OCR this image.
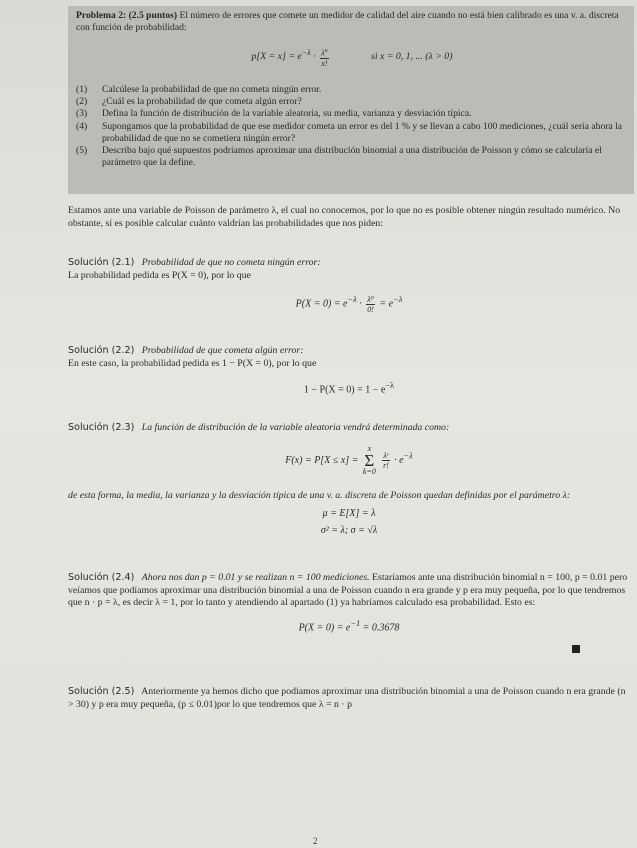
Problema 2: (2.5 puntos) El número de errores que comete un medidor de calidad del aire cuando no está bien calibrado es una v. a. discreta con función de probabilidad:

$p[X = x] = e^{-\lambda} \cdot \frac{\lambda^x}{x!}$	si x = 0, 1, ... (λ > 0)

(1) Calcúlese la probabilidad de que no cometa ningún error.
(2) ¿Cuál es la probabilidad de que cometa algún error?
(3) Defina la función de distribución de la variable aleatoria, su media, varianza y desviación típica.
(4) Supongamos que la probabilidad de que ese medidor cometa un error es del 1 % y se llevan a cabo 100 mediciones, ¿cuál sería ahora la probabilidad de que no se cometiera ningún error?
(5) Describa bajo qué supuestos podríamos aproximar una distribución binomial a una distribución de Poisson y cómo se calcularía el parámetro que la define.

Estamos ante una variable de Poisson de parámetro λ, el cual no conocemos, por lo que no es posible obtener ningún resultado numérico. No obstante, sí es posible calcular cuánto valdrían las probabilidades que nos piden:

Solución (2.1) Probabilidad de que no cometa ningún error:

La probabilidad pedida es P(X = 0), por lo que

$P(X = 0) = e^{-\lambda} \cdot \frac{\text{λ⁰}}{0!} = e^{-\lambda}$

Solución (2.2) Probabilidad de que cometa algún error:

En este caso, la probabilidad pedida es 1 − P(X = 0), por lo que

$1 - P(X = 0) = 1 - e^{-\lambda}$

Solución (2.3) La función de distribución de la variable aleatoria vendrá determinada como:

F(x) = P[X ≤ x] = x
Σ
k=0
$\frac{\text{λʳ}}{r!} \cdot e^{-\lambda}$

de esta forma, la media, la varianza y la desviación típica de una v. a. discreta de Poisson quedan definidas por el parámetro λ:

μ = E[X] = λ

σ² = λ; σ = √λ

Solución (2.4) Ahora nos dan p = 0.01 y se realizan n = 100 mediciones. Estaríamos ante una distribución binomial n = 100, p = 0.01 pero veíamos que podíamos aproximar una distribución binomial a una de Poisson cuando n era grande y p era muy pequeña, por lo que tendremos que n · p = λ, es decir λ = 1, por lo tanto y atendiendo al apartado (1) ya habríamos calculado esa probabilidad. Esto es:

$P(X = 0) = e^{-1} = 0.3678$

Solución (2.5) Anteriormente ya hemos dicho que podíamos aproximar una distribución binomial a una de Poisson cuando n era grande (n > 30) y p era muy pequeña, (p ≤ 0.01)por lo que tendremos que λ = n · p

2
